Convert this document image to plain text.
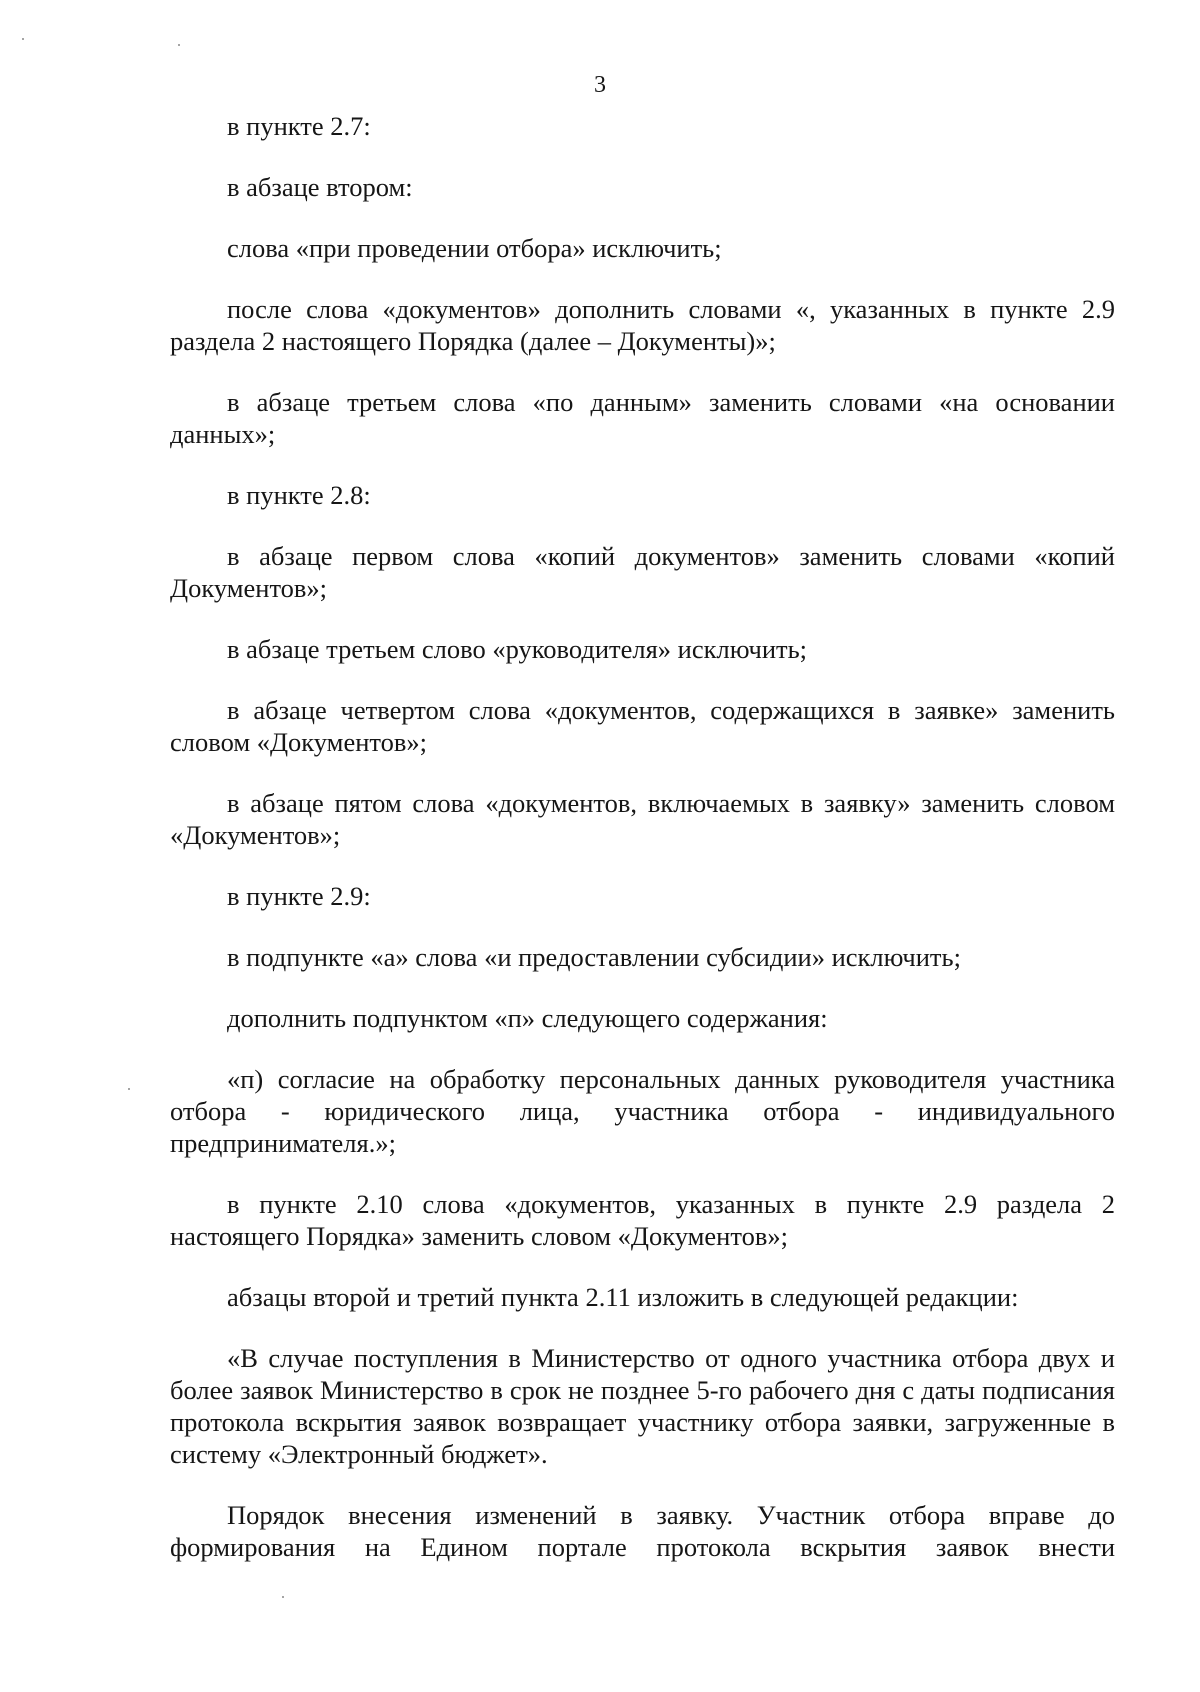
3

в пункте 2.7:

в абзаце втором:

слова «при проведении отбора» исключить;

после слова «документов» дополнить словами «, указанных в пункте 2.9 раздела 2 настоящего Порядка (далее – Документы)»;

в абзаце третьем слова «по данным» заменить словами «на основании данных»;

в пункте 2.8:

в абзаце первом слова «копий документов» заменить словами «копий Документов»;

в абзаце третьем слово «руководителя» исключить;

в абзаце четвертом слова «документов, содержащихся в заявке» заменить словом «Документов»;

в абзаце пятом слова «документов, включаемых в заявку» заменить словом «Документов»;

в пункте 2.9:

в подпункте «а» слова «и предоставлении субсидии» исключить;

дополнить подпунктом «п» следующего содержания:

«п) согласие на обработку персональных данных руководителя участника отбора - юридического лица, участника отбора - индивидуального предпринимателя.»;

в пункте 2.10 слова «документов, указанных в пункте 2.9 раздела 2 настоящего Порядка» заменить словом «Документов»;

абзацы второй и третий пункта 2.11 изложить в следующей редакции:

«В случае поступления в Министерство от одного участника отбора двух и более заявок Министерство в срок не позднее 5-го рабочего дня с даты подписания протокола вскрытия заявок возвращает участнику отбора заявки, загруженные в систему «Электронный бюджет».

Порядок внесения изменений в заявку. Участник отбора вправе до формирования на Едином портале протокола вскрытия заявок внести
